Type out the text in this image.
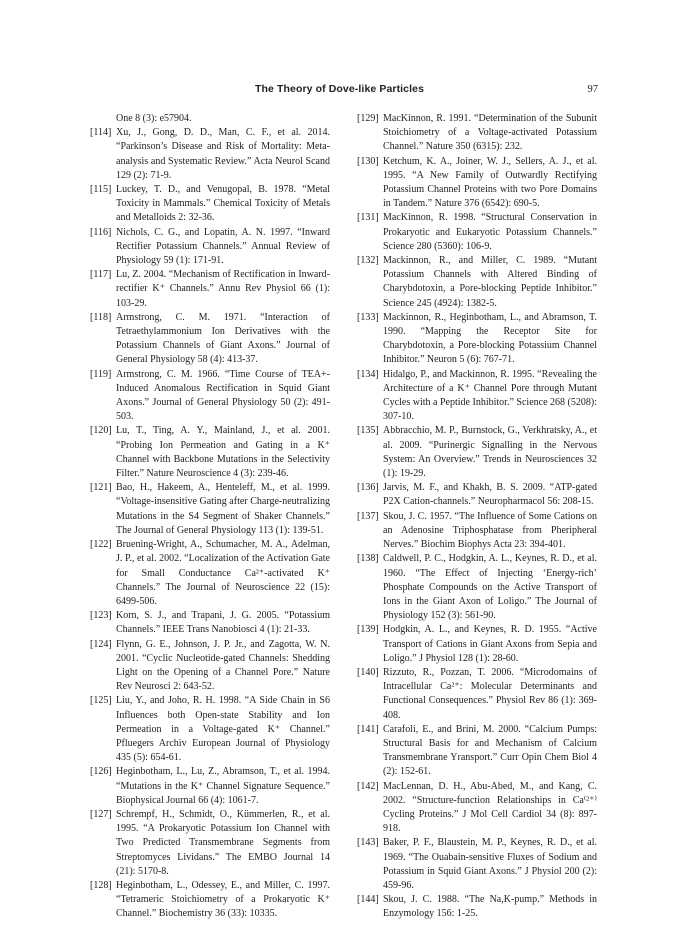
The Theory of Dove-like Particles	97
One 8 (3): e57904.
[114] Xu, J., Gong, D. D., Man, C. F., et al. 2014. “Parkinson’s Disease and Risk of Mortality: Meta-analysis and Systematic Review.” Acta Neurol Scand 129 (2): 71-9.
[115] Luckey, T. D., and Venugopal, B. 1978. “Metal Toxicity in Mammals.” Chemical Toxicity of Metals and Metalloids 2: 32-36.
[116] Nichols, C. G., and Lopatin, A. N. 1997. “Inward Rectifier Potassium Channels.” Annual Review of Physiology 59 (1): 171-91.
[117] Lu, Z. 2004. “Mechanism of Rectification in Inward-rectifier K⁺ Channels.” Annu Rev Physiol 66 (1): 103-29.
[118] Armstrong, C. M. 1971. “Interaction of Tetraethylammonium Ion Derivatives with the Potassium Channels of Giant Axons.” Journal of General Physiology 58 (4): 413-37.
[119] Armstrong, C. M. 1966. “Time Course of TEA+-Induced Anomalous Rectification in Squid Giant Axons.” Journal of General Physiology 50 (2): 491-503.
[120] Lu, T., Ting, A. Y., Mainland, J., et al. 2001. “Probing Ion Permeation and Gating in a K⁺ Channel with Backbone Mutations in the Selectivity Filter.” Nature Neuroscience 4 (3): 239-46.
[121] Bao, H., Hakeem, A., Henteleff, M., et al. 1999. “Voltage-insensitive Gating after Charge-neutralizing Mutations in the S4 Segment of Shaker Channels.” The Journal of General Physiology 113 (1): 139-51.
[122] Bruening-Wright, A., Schumacher, M. A., Adelman, J. P., et al. 2002. “Localization of the Activation Gate for Small Conductance Ca²⁺-activated K⁺ Channels.” The Journal of Neuroscience 22 (15): 6499-506.
[123] Korn, S. J., and Trapani, J. G. 2005. “Potassium Channels.” IEEE Trans Nanobiosci 4 (1): 21-33.
[124] Flynn, G. E., Johnson, J. P. Jr., and Zagotta, W. N. 2001. “Cyclic Nucleotide-gated Channels: Shedding Light on the Opening of a Channel Pore.” Nature Rev Neurosci 2: 643-52.
[125] Liu, Y., and Joho, R. H. 1998. “A Side Chain in S6 Influences both Open-state Stability and Ion Permeation in a Voltage-gated K⁺ Channel.” Pfluegers Archiv European Journal of Physiology 435 (5): 654-61.
[126] Heginbotham, L., Lu, Z., Abramson, T., et al. 1994. “Mutations in the K⁺ Channel Signature Sequence.” Biophysical Journal 66 (4): 1061-7.
[127] Schrempf, H., Schmidt, O., Kümmerlen, R., et al. 1995. “A Prokaryotic Potassium Ion Channel with Two Predicted Transmembrane Segments from Streptomyces Lividans.” The EMBO Journal 14 (21): 5170-8.
[128] Heginbotham, L., Odessey, E., and Miller, C. 1997. “Tetrameric Stoichiometry of a Prokaryotic K⁺ Channel.” Biochemistry 36 (33): 10335.
[129] MacKinnon, R. 1991. “Determination of the Subunit Stoichiometry of a Voltage-activated Potassium Channel.” Nature 350 (6315): 232.
[130] Ketchum, K. A., Joiner, W. J., Sellers, A. J., et al. 1995. “A New Family of Outwardly Rectifying Potassium Channel Proteins with two Pore Domains in Tandem.” Nature 376 (6542): 690-5.
[131] MacKinnon, R. 1998. “Structural Conservation in Prokaryotic and Eukaryotic Potassium Channels.” Science 280 (5360): 106-9.
[132] Mackinnon, R., and Miller, C. 1989. “Mutant Potassium Channels with Altered Binding of Charybdotoxin, a Pore-blocking Peptide Inhibitor.” Science 245 (4924): 1382-5.
[133] Mackinnon, R., Heginbotham, L., and Abramson, T. 1990. “Mapping the Receptor Site for Charybdotoxin, a Pore-blocking Potassium Channel Inhibitor.” Neuron 5 (6): 767-71.
[134] Hidalgo, P., and Mackinnon, R. 1995. “Revealing the Architecture of a K⁺ Channel Pore through Mutant Cycles with a Peptide Inhibitor.” Science 268 (5208): 307-10.
[135] Abbracchio, M. P., Burnstock, G., Verkhratsky, A., et al. 2009. “Purinergic Signalling in the Nervous System: An Overview.” Trends in Neurosciences 32 (1): 19-29.
[136] Jarvis, M. F., and Khakh, B. S. 2009. “ATP-gated P2X Cation-channels.” Neuropharmacol 56: 208-15.
[137] Skou, J. C. 1957. “The Influence of Some Cations on an Adenosine Triphosphatase from Pheripheral Nerves.” Biochim Biophys Acta 23: 394-401.
[138] Caldwell, P. C., Hodgkin, A. L., Keynes, R. D., et al. 1960. “The Effect of Injecting ‘Energy-rich’ Phosphate Compounds on the Active Transport of Ions in the Giant Axon of Loligo.” The Journal of Physiology 152 (3): 561-90.
[139] Hodgkin, A. L., and Keynes, R. D. 1955. “Active Transport of Cations in Giant Axons from Sepia and Loligo.” J Physiol 128 (1): 28-60.
[140] Rizzuto, R., Pozzan, T. 2006. “Microdomains of Intracellular Ca²⁺: Molecular Determinants and Functional Consequences.” Physiol Rev 86 (1): 369-408.
[141] Carafoli, E., and Brini, M. 2000. “Calcium Pumps: Structural Basis for and Mechanism of Calcium Transmembrane Yransport.” Curr Opin Chem Biol 4 (2): 152-61.
[142] MacLennan, D. H., Abu-Abed, M., and Kang, C. 2002. “Structure-function Relationships in Ca⁽²⁺⁾ Cycling Proteins.” J Mol Cell Cardiol 34 (8): 897-918.
[143] Baker, P. F., Blaustein, M. P., Keynes, R. D., et al. 1969. “The Ouabain-sensitive Fluxes of Sodium and Potassium in Squid Giant Axons.” J Physiol 200 (2): 459-96.
[144] Skou, J. C. 1988. “The Na,K-pump.” Methods in Enzymology 156: 1-25.
